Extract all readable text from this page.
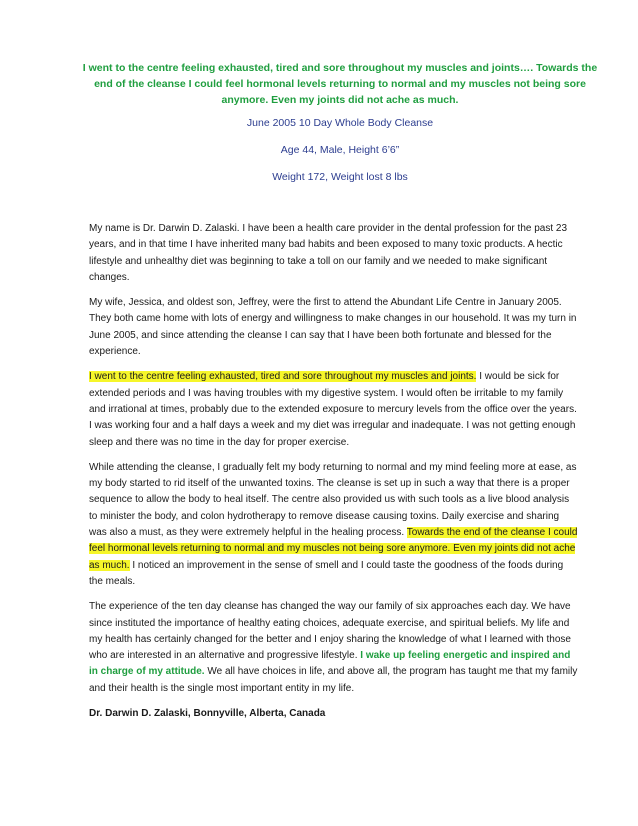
I went to the centre feeling exhausted, tired and sore throughout my muscles and joints…. Towards the end of the cleanse I could feel hormonal levels returning to normal and my muscles not being sore anymore. Even my joints did not ache as much.
June 2005 10 Day Whole Body Cleanse
Age 44, Male, Height 6’6”
Weight 172, Weight lost 8 lbs

My name is Dr. Darwin D. Zalaski. I have been a health care provider in the dental profession for the past 23 years, and in that time I have inherited many bad habits and been exposed to many toxic products. A hectic lifestyle and unhealthy diet was beginning to take a toll on our family and we needed to make significant changes.

My wife, Jessica, and oldest son, Jeffrey, were the first to attend the Abundant Life Centre in January 2005. They both came home with lots of energy and willingness to make changes in our household. It was my turn in June 2005, and since attending the cleanse I can say that I have been both fortunate and blessed for the experience.

I went to the centre feeling exhausted, tired and sore throughout my muscles and joints. I would be sick for extended periods and I was having troubles with my digestive system. I would often be irritable to my family and irrational at times, probably due to the extended exposure to mercury levels from the office over the years. I was working four and a half days a week and my diet was irregular and inadequate. I was not getting enough sleep and there was no time in the day for proper exercise.

While attending the cleanse, I gradually felt my body returning to normal and my mind feeling more at ease, as my body started to rid itself of the unwanted toxins. The cleanse is set up in such a way that there is a proper sequence to allow the body to heal itself. The centre also provided us with such tools as a live blood analysis to minister the body, and colon hydrotherapy to remove disease causing toxins. Daily exercise and sharing was also a must, as they were extremely helpful in the healing process. Towards the end of the cleanse I could feel hormonal levels returning to normal and my muscles not being sore anymore. Even my joints did not ache as much. I noticed an improvement in the sense of smell and I could taste the goodness of the foods during the meals.

The experience of the ten day cleanse has changed the way our family of six approaches each day. We have since instituted the importance of healthy eating choices, adequate exercise, and spiritual beliefs. My life and my health has certainly changed for the better and I enjoy sharing the knowledge of what I learned with those who are interested in an alternative and progressive lifestyle. I wake up feeling energetic and inspired and in charge of my attitude. We all have choices in life, and above all, the program has taught me that my family and their health is the single most important entity in my life.

Dr. Darwin D. Zalaski, Bonnyville, Alberta, Canada
